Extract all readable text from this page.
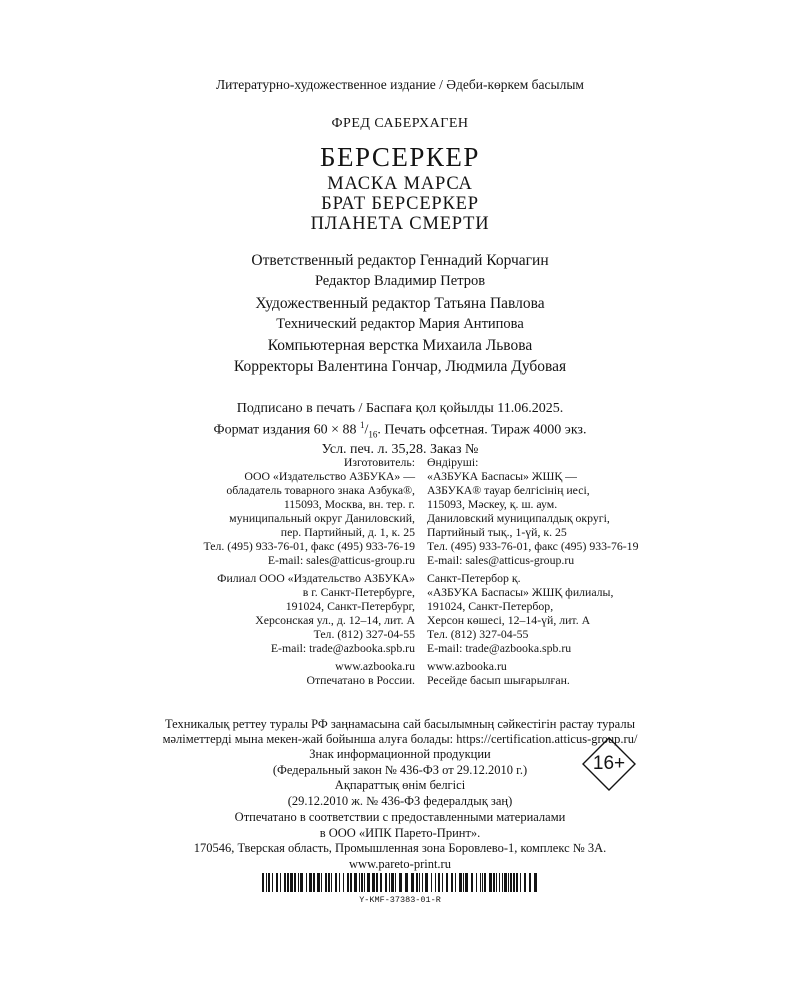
Литературно-художественное издание / Әдеби-көркем басылым
ФРЕД САБЕРХАГЕН
БЕРСЕРКЕР
МАСКА МАРСА
БРАТ БЕРСЕРКЕР
ПЛАНЕТА СМЕРТИ
Ответственный редактор Геннадий Корчагин
Редактор Владимир Петров
Художественный редактор Татьяна Павлова
Технический редактор Мария Антипова
Компьютерная верстка Михаила Львова
Корректоры Валентина Гончар, Людмила Дубовая
Подписано в печать / Баспаға қол қойылды 11.06.2025.
Формат издания 60 × 88 $^1/_{16}$. Печать офсетная. Тираж 4000 экз.
Усл. печ. л. 35,28. Заказ №
Изготовитель:
ООО «Издательство АЗБУКА» —
обладатель товарного знака Азбука®,
115093, Москва, вн. тер. г.
муниципальный округ Даниловский,
пер. Партийный, д. 1, к. 25
Тел. (495) 933-76-01, факс (495) 933-76-19
E-mail: sales@atticus-group.ru
Өндіруші:
«АЗБУКА Баспасы» ЖШҚ —
АЗБУКА® тауар белгісінің иесі,
115093, Мәскеу, қ. ш. аум.
Даниловский муниципалдық округі,
Партийный тық., 1-үй, к. 25
Тел. (495) 933-76-01, факс (495) 933-76-19
E-mail: sales@atticus-group.ru
Филиал ООО «Издательство АЗБУКА»
в г. Санкт-Петербурге,
191024, Санкт-Петербург,
Херсонская ул., д. 12–14, лит. А
Тел. (812) 327-04-55
E-mail: trade@azbooka.spb.ru
Санкт-Петербор қ.
«АЗБУКА Баспасы» ЖШҚ филиалы,
191024, Санкт-Петербор,
Херсон көшесі, 12–14-үй, лит. А
Тел. (812) 327-04-55
E-mail: trade@azbooka.spb.ru
www.azbooka.ru
Отпечатано в России.
www.azbooka.ru
Ресейде басып шығарылған.
Техникалық реттеу туралы РФ заңнамасына сай басылымның сәйкестігін растау туралы
мәліметтерді мына мекен-жай бойынша алуға болады: https://certification.atticus-group.ru/
Знак информационной продукции
(Федеральный закон № 436-ФЗ от 29.12.2010 г.)
Ақпараттық өнім белгісі
(29.12.2010 ж. № 436-ФЗ федералдық заң)
16+
Отпечатано в соответствии с предоставленными материалами
в ООО «ИПК Парето-Принт».
170546, Тверская область, Промышленная зона Боровлево-1, комплекс № 3А.
www.pareto-print.ru
Y-KMF-37383-01-R
